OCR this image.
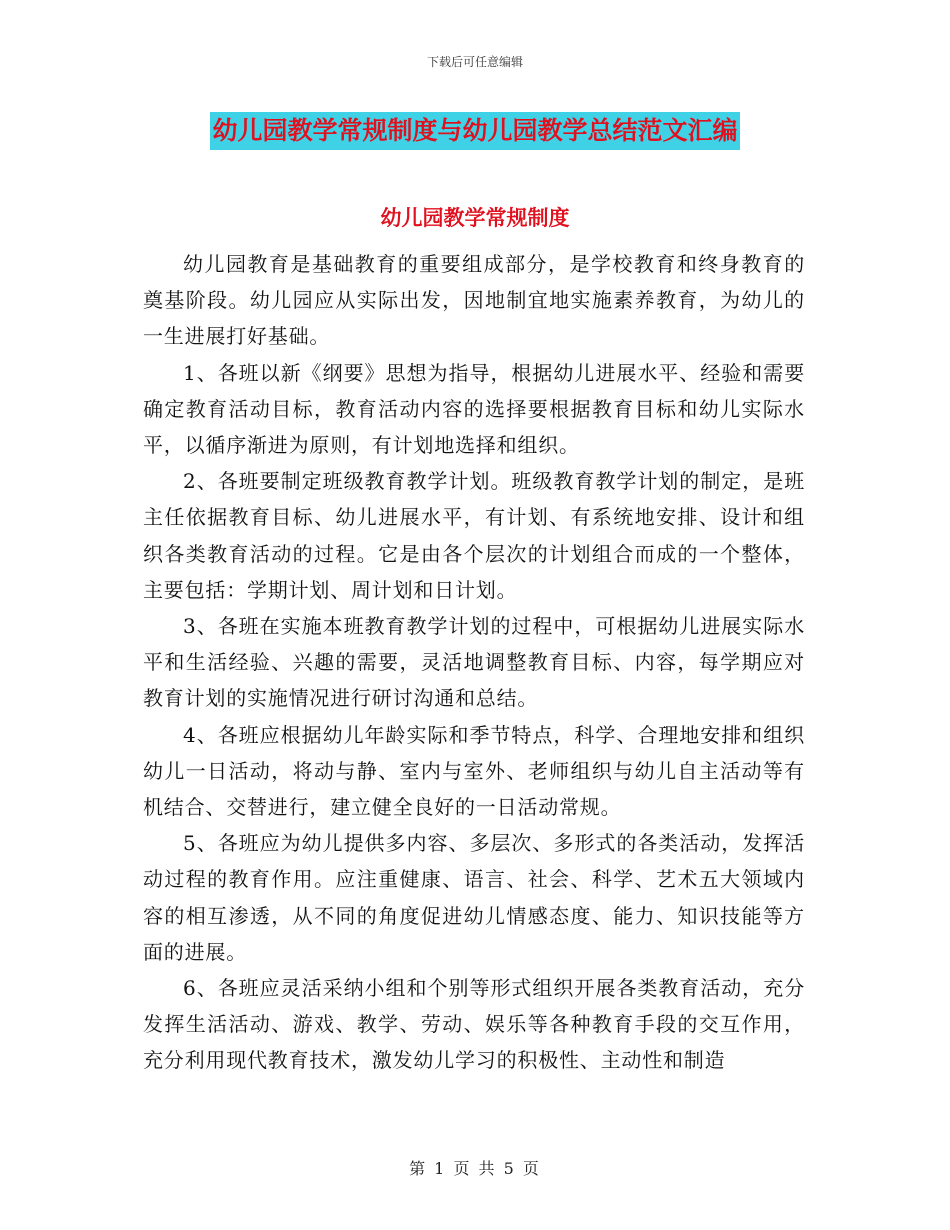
下载后可任意编辑
幼儿园教学常规制度与幼儿园教学总结范文汇编
幼儿园教学常规制度

幼儿园教育是基础教育的重要组成部分，是学校教育和终身教育的奠基阶段。幼儿园应从实际出发，因地制宜地实施素养教育，为幼儿的一生进展打好基础。

1、各班以新《纲要》思想为指导，根据幼儿进展水平、经验和需要确定教育活动目标，教育活动内容的选择要根据教育目标和幼儿实际水平，以循序渐进为原则，有计划地选择和组织。

2、各班要制定班级教育教学计划。班级教育教学计划的制定，是班主任依据教育目标、幼儿进展水平，有计划、有系统地安排、设计和组织各类教育活动的过程。它是由各个层次的计划组合而成的一个整体，主要包括：学期计划、周计划和日计划。

3、各班在实施本班教育教学计划的过程中，可根据幼儿进展实际水平和生活经验、兴趣的需要，灵活地调整教育目标、内容，每学期应对教育计划的实施情况进行研讨沟通和总结。

4、各班应根据幼儿年龄实际和季节特点，科学、合理地安排和组织幼儿一日活动，将动与静、室内与室外、老师组织与幼儿自主活动等有机结合、交替进行，建立健全良好的一日活动常规。

5、各班应为幼儿提供多内容、多层次、多形式的各类活动，发挥活动过程的教育作用。应注重健康、语言、社会、科学、艺术五大领域内容的相互渗透，从不同的角度促进幼儿情感态度、能力、知识技能等方面的进展。

6、各班应灵活采纳小组和个别等形式组织开展各类教育活动，充分发挥生活活动、游戏、教学、劳动、娱乐等各种教育手段的交互作用，充分利用现代教育技术，激发幼儿学习的积极性、主动性和制造

第 1 页 共 5 页
